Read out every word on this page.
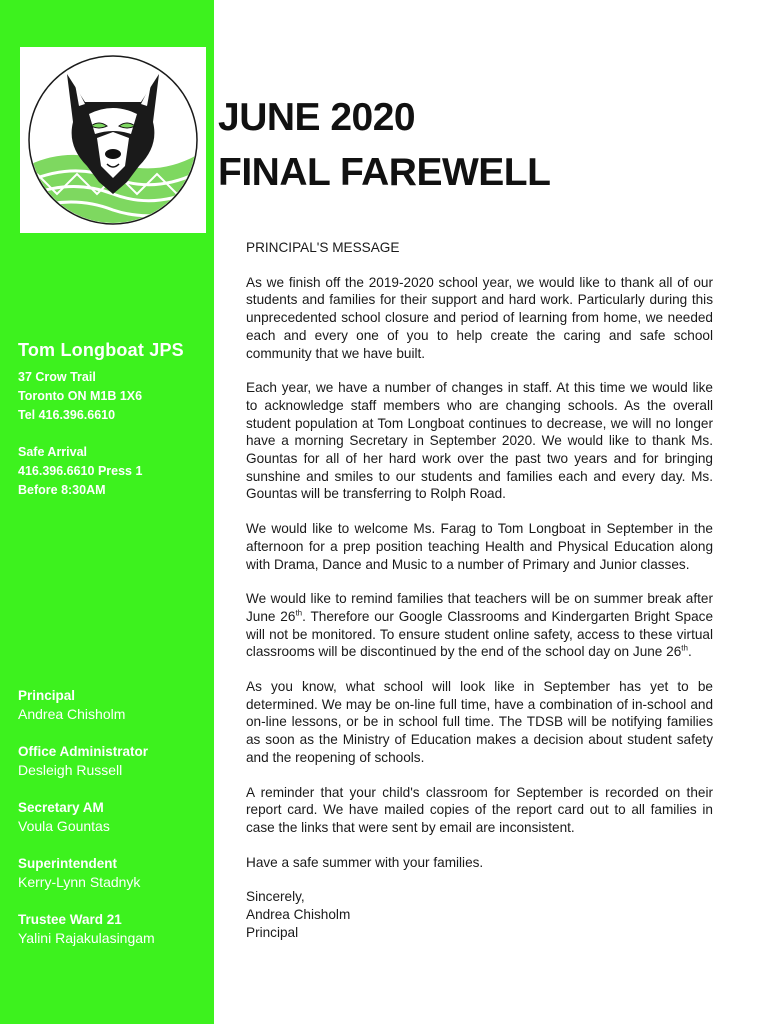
Tom Longboat JPS
37 Crow Trail
Toronto ON M1B 1X6
Tel 416.396.6610
Safe Arrival
416.396.6610 Press 1
Before 8:30AM
Principal
Andrea Chisholm
Office Administrator
Desleigh Russell
Secretary AM
Voula Gountas
Superintendent
Kerry-Lynn Stadnyk
Trustee Ward 21
Yalini Rajakulasingam
JUNE 2020
FINAL FAREWELL

PRINCIPAL'S MESSAGE

As we finish off the 2019-2020 school year, we would like to thank all of our students and families for their support and hard work. Particularly during this unprecedented school closure and period of learning from home, we needed each and every one of you to help create the caring and safe school community that we have built.

Each year, we have a number of changes in staff. At this time we would like to acknowledge staff members who are changing schools. As the overall student population at Tom Longboat continues to decrease, we will no longer have a morning Secretary in September 2020. We would like to thank Ms. Gountas for all of her hard work over the past two years and for bringing sunshine and smiles to our students and families each and every day. Ms. Gountas will be transferring to Rolph Road.

We would like to welcome Ms. Farag to Tom Longboat in September in the afternoon for a prep position teaching Health and Physical Education along with Drama, Dance and Music to a number of Primary and Junior classes.

We would like to remind families that teachers will be on summer break after June 26th. Therefore our Google Classrooms and Kindergarten Bright Space will not be monitored. To ensure student online safety, access to these virtual classrooms will be discontinued by the end of the school day on June 26th.

As you know, what school will look like in September has yet to be determined. We may be on-line full time, have a combination of in-school and on-line lessons, or be in school full time. The TDSB will be notifying families as soon as the Ministry of Education makes a decision about student safety and the reopening of schools.

A reminder that your child's classroom for September is recorded on their report card. We have mailed copies of the report card out to all families in case the links that were sent by email are inconsistent.

Have a safe summer with your families.

Sincerely,
Andrea Chisholm
Principal
